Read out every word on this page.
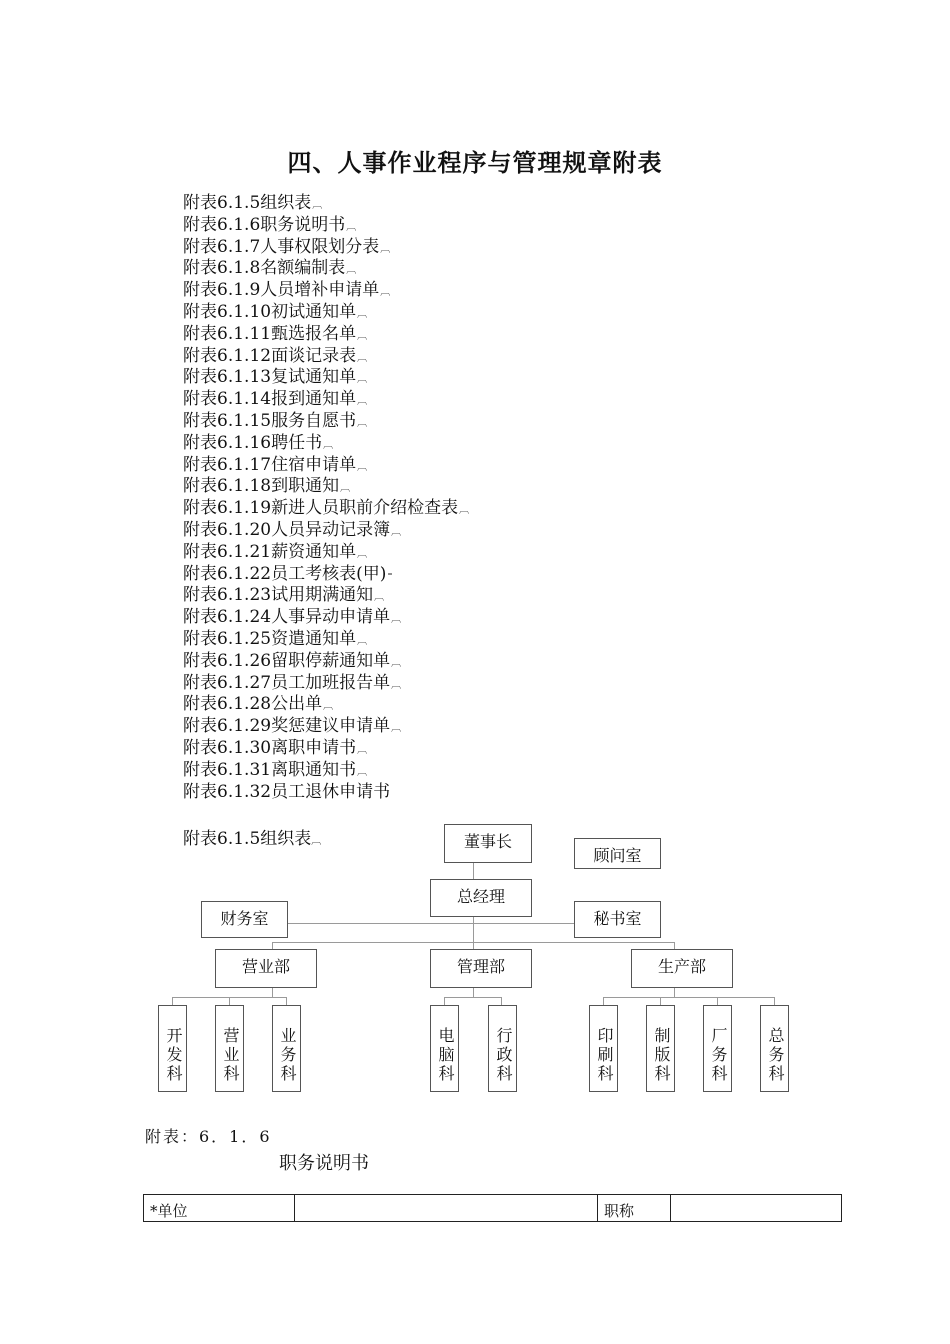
四、人事作业程序与管理规章附表
附表6.1.5组织表︹
附表6.1.6职务说明书︹
附表6.1.7人事权限划分表︹
附表6.1.8名额编制表︹
附表6.1.9人员增补申请单︹
附表6.1.10初试通知单︹
附表6.1.11甄选报名单︹
附表6.1.12面谈记录表︹
附表6.1.13复试通知单︹
附表6.1.14报到通知单︹
附表6.1.15服务自愿书︹
附表6.1.16聘任书︹
附表6.1.17住宿申请单︹
附表6.1.18到职通知︹
附表6.1.19新进人员职前介绍检查表︹
附表6.1.20人员异动记录簿︹
附表6.1.21薪资通知单︹
附表6.1.22员工考核表(甲)⁼
附表6.1.23试用期满通知︹
附表6.1.24人事异动申请单︹
附表6.1.25资遣通知单︹
附表6.1.26留职停薪通知单︹
附表6.1.27员工加班报告单︹
附表6.1.28公出单︹
附表6.1.29奖惩建议申请单︹
附表6.1.30离职申请书︹
附表6.1.31离职通知书︹
附表6.1.32员工退休申请书
附表6.1.5组织表︹	董事长
顾问室
总经理
财务室	秘书室
营业部	管理部	生产部
开发科	营业科	业务科	电脑科	行政科	印刷科	制版科	厂务科	总务科
附表：6．1．6
职务说明书
*单位		职称	
